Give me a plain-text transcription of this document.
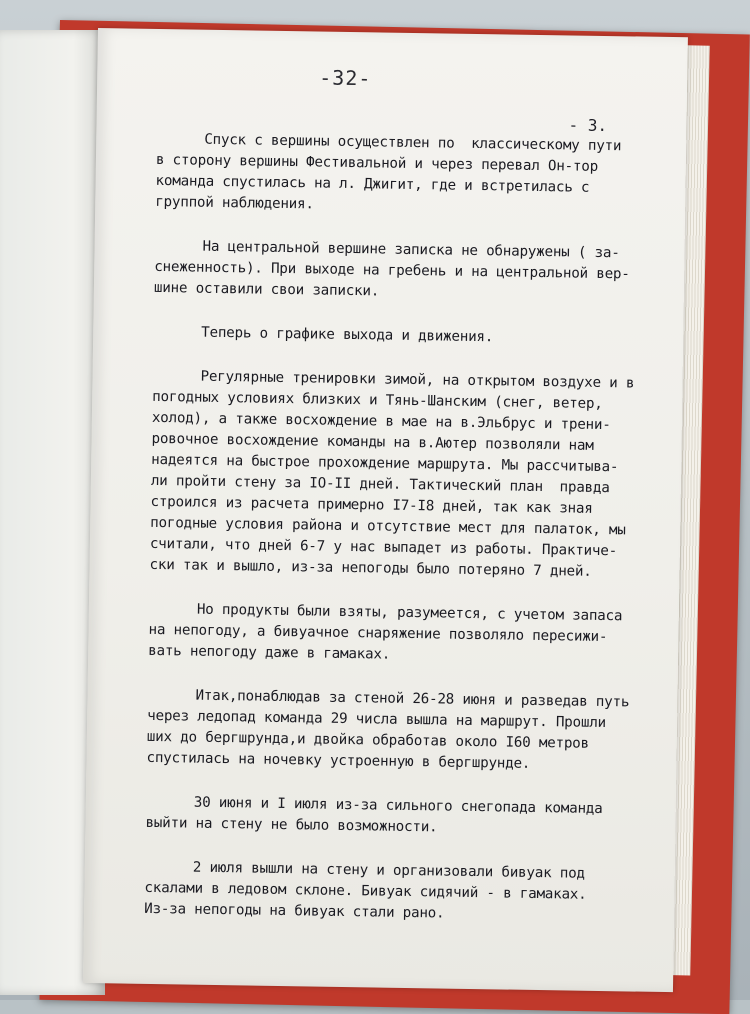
-32-
- 3.
Спуск с вершины осуществлен по  классическому пути
в сторону вершины Фестивальной и через перевал Он-тор
команда спустилась на л. Джигит, где и встретилась с
группой наблюдения.
На центральной вершине записка не обнаружены ( за-
снеженность). При выходе на гребень и на центральной вер-
шине оставили свои записки.
Теперь о графике выхода и движения.
Регулярные тренировки зимой, на открытом воздухе и в
погодных условиях близких и Тянь-Шанским (снег, ветер,
холод), а также восхождение в мае на в.Эльбрус и трени-
ровочное восхождение команды на в.Аютер позволяли нам
надеятся на быстрое прохождение маршрута. Мы рассчитыва-
ли пройти стену за IO-II дней. Тактический план  правда
строился из расчета примерно I7-I8 дней, так как зная
погодные условия района и отсутствие мест для палаток, мы
считали, что дней 6-7 у нас выпадет из работы. Практиче-
ски так и вышло, из-за непогоды было потеряно 7 дней.
Но продукты были взяты, разумеется, с учетом запаса
на непогоду, а бивуачное снаряжение позволяло пересижи-
вать непогоду даже в гамаках.
Итак,понаблюдав за стеной 26-28 июня и разведав путь
через ледопад команда 29 числа вышла на маршрут. Прошли
ших до бергшрунда,и двойка обработав около I60 метров
спустилась на ночевку устроенную в бергшрунде.
30 июня и I июля из-за сильного снегопада команда
выйти на стену не было возможности.
2 июля вышли на стену и организовали бивуак под
скалами в ледовом склоне. Бивуак сидячий - в гамаках.
Из-за непогоды на бивуак стали рано.
